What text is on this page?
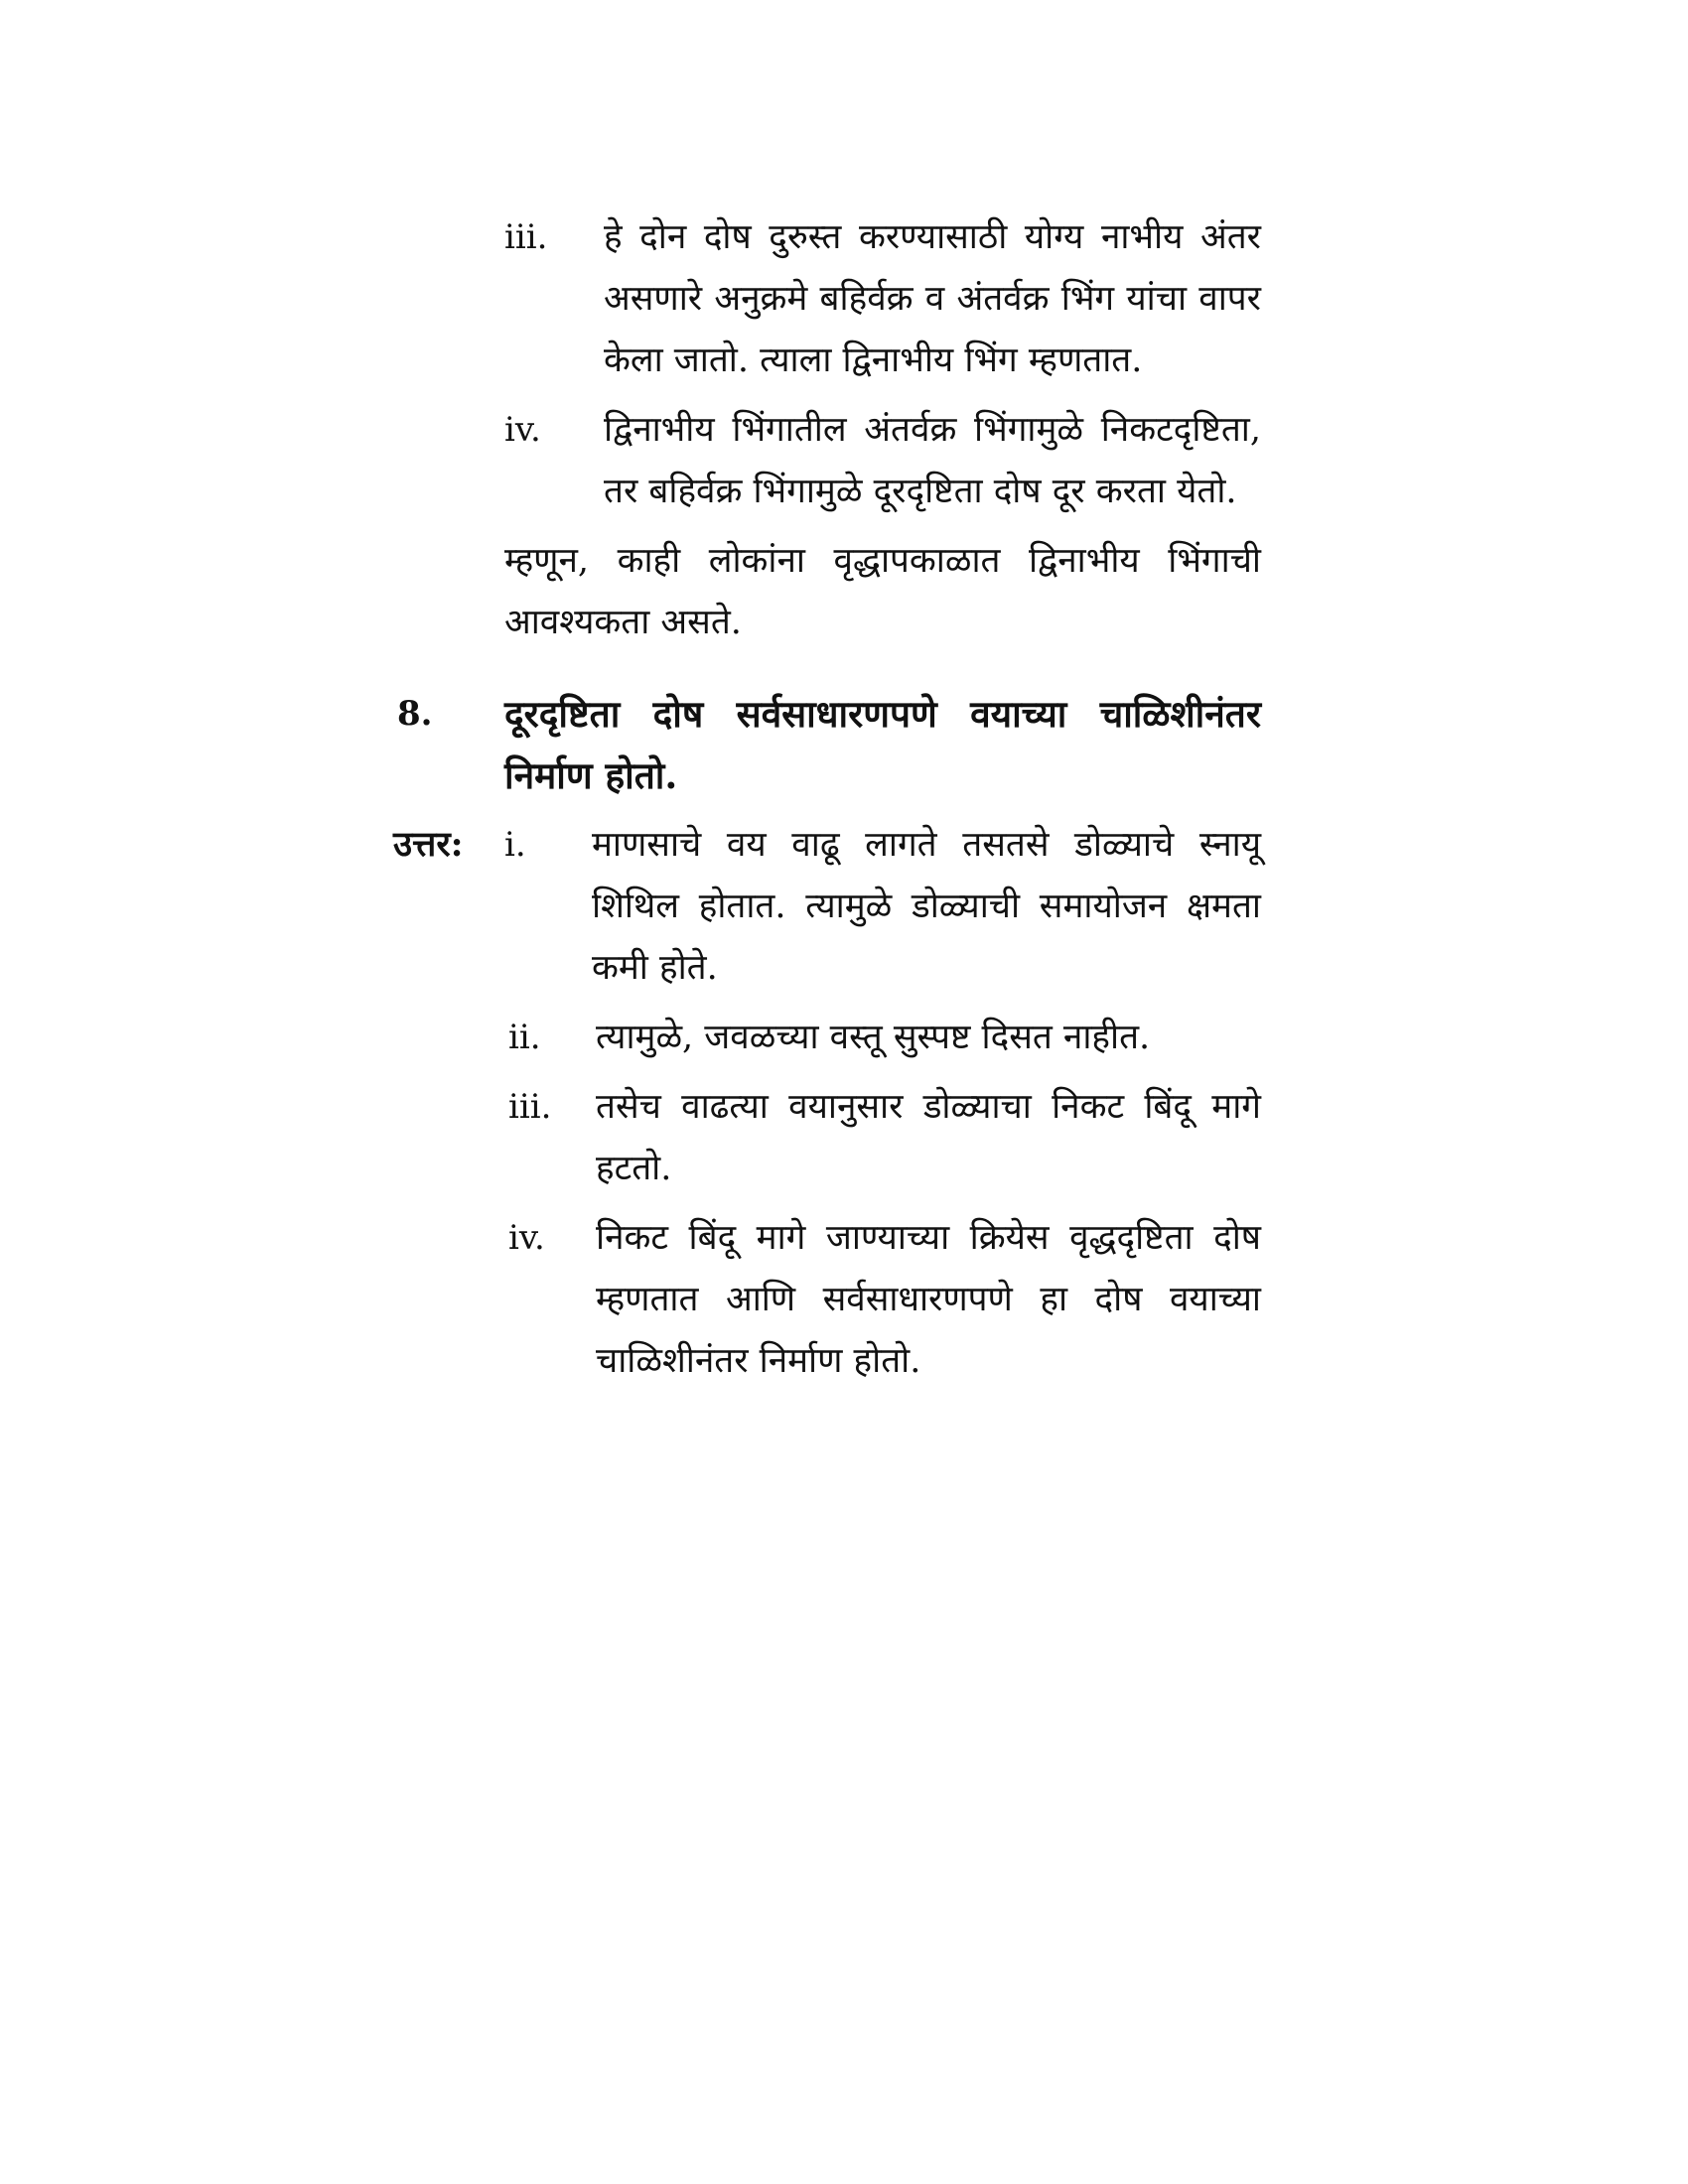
iii.	हे दोन दोष दुरुस्त करण्यासाठी योग्य नाभीय अंतर असणारे अनुक्रमे बहिर्वक्र व अंतर्वक्र भिंग यांचा वापर केला जातो. त्याला द्विनाभीय भिंग म्हणतात.
iv.	द्विनाभीय भिंगातील अंतर्वक्र भिंगामुळे निकटदृष्टिता, तर बहिर्वक्र भिंगामुळे दूरदृष्टिता दोष दूर करता येतो.
म्हणून, काही लोकांना वृद्धापकाळात द्विनाभीय भिंगाची आवश्यकता असते.
8.	दूरदृष्टिता दोष सर्वसाधारणपणे वयाच्या चाळिशीनंतर निर्माण होतो.
उत्तर:	i.	माणसाचे वय वाढू लागते तसतसे डोळ्याचे स्नायू शिथिल होतात. त्यामुळे डोळ्याची समायोजन क्षमता कमी होते.
ii.	त्यामुळे, जवळच्या वस्तू सुस्पष्ट दिसत नाहीत.
iii.	तसेच वाढत्या वयानुसार डोळ्याचा निकट बिंदू मागे हटतो.
iv.	निकट बिंदू मागे जाण्याच्या क्रियेस वृद्धदृष्टिता दोष म्हणतात आणि सर्वसाधारणपणे हा दोष वयाच्या चाळिशीनंतर निर्माण होतो.
